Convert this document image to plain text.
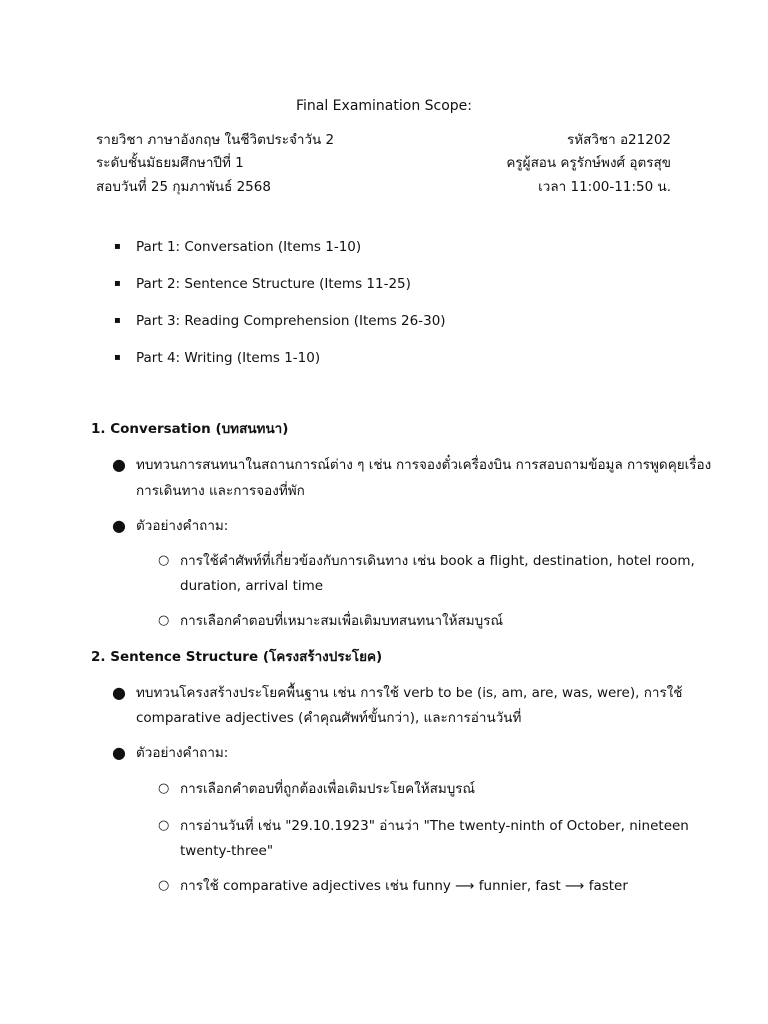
Final Examination Scope:
รายวิชา ภาษาอังกฤษ ในชีวิตประจำวัน 2	รหัสวิชา อ21202
ระดับชั้นมัธยมศึกษาปีที่ 1	ครูผู้สอน ครูรักษ์พงศ์ อุตรสุข
สอบวันที่ 25 กุมภาพันธ์ 2568	เวลา 11:00-11:50 น.
▪ Part 1: Conversation (Items 1-10)
▪ Part 2: Sentence Structure (Items 11-25)
▪ Part 3: Reading Comprehension (Items 26-30)
▪ Part 4: Writing (Items 1-10)
1. Conversation (บทสนทนา)
● ทบทวนการสนทนาในสถานการณ์ต่าง ๆ เช่น การจองตั๋วเครื่องบิน การสอบถามข้อมูล การพูดคุยเรื่อง
การเดินทาง และการจองที่พัก
● ตัวอย่างคำถาม:
○ การใช้คำศัพท์ที่เกี่ยวข้องกับการเดินทาง เช่น book a flight, destination, hotel room,
duration, arrival time
○ การเลือกคำตอบที่เหมาะสมเพื่อเติมบทสนทนาให้สมบูรณ์
2. Sentence Structure (โครงสร้างประโยค)
● ทบทวนโครงสร้างประโยคพื้นฐาน เช่น การใช้ verb to be (is, am, are, was, were), การใช้
comparative adjectives (คำคุณศัพท์ขั้นกว่า), และการอ่านวันที่
● ตัวอย่างคำถาม:
○ การเลือกคำตอบที่ถูกต้องเพื่อเติมประโยคให้สมบูรณ์
○ การอ่านวันที่ เช่น "29.10.1923" อ่านว่า "The twenty-ninth of October, nineteen
twenty-three"
○ การใช้ comparative adjectives เช่น funny ⟶ funnier, fast ⟶ faster
